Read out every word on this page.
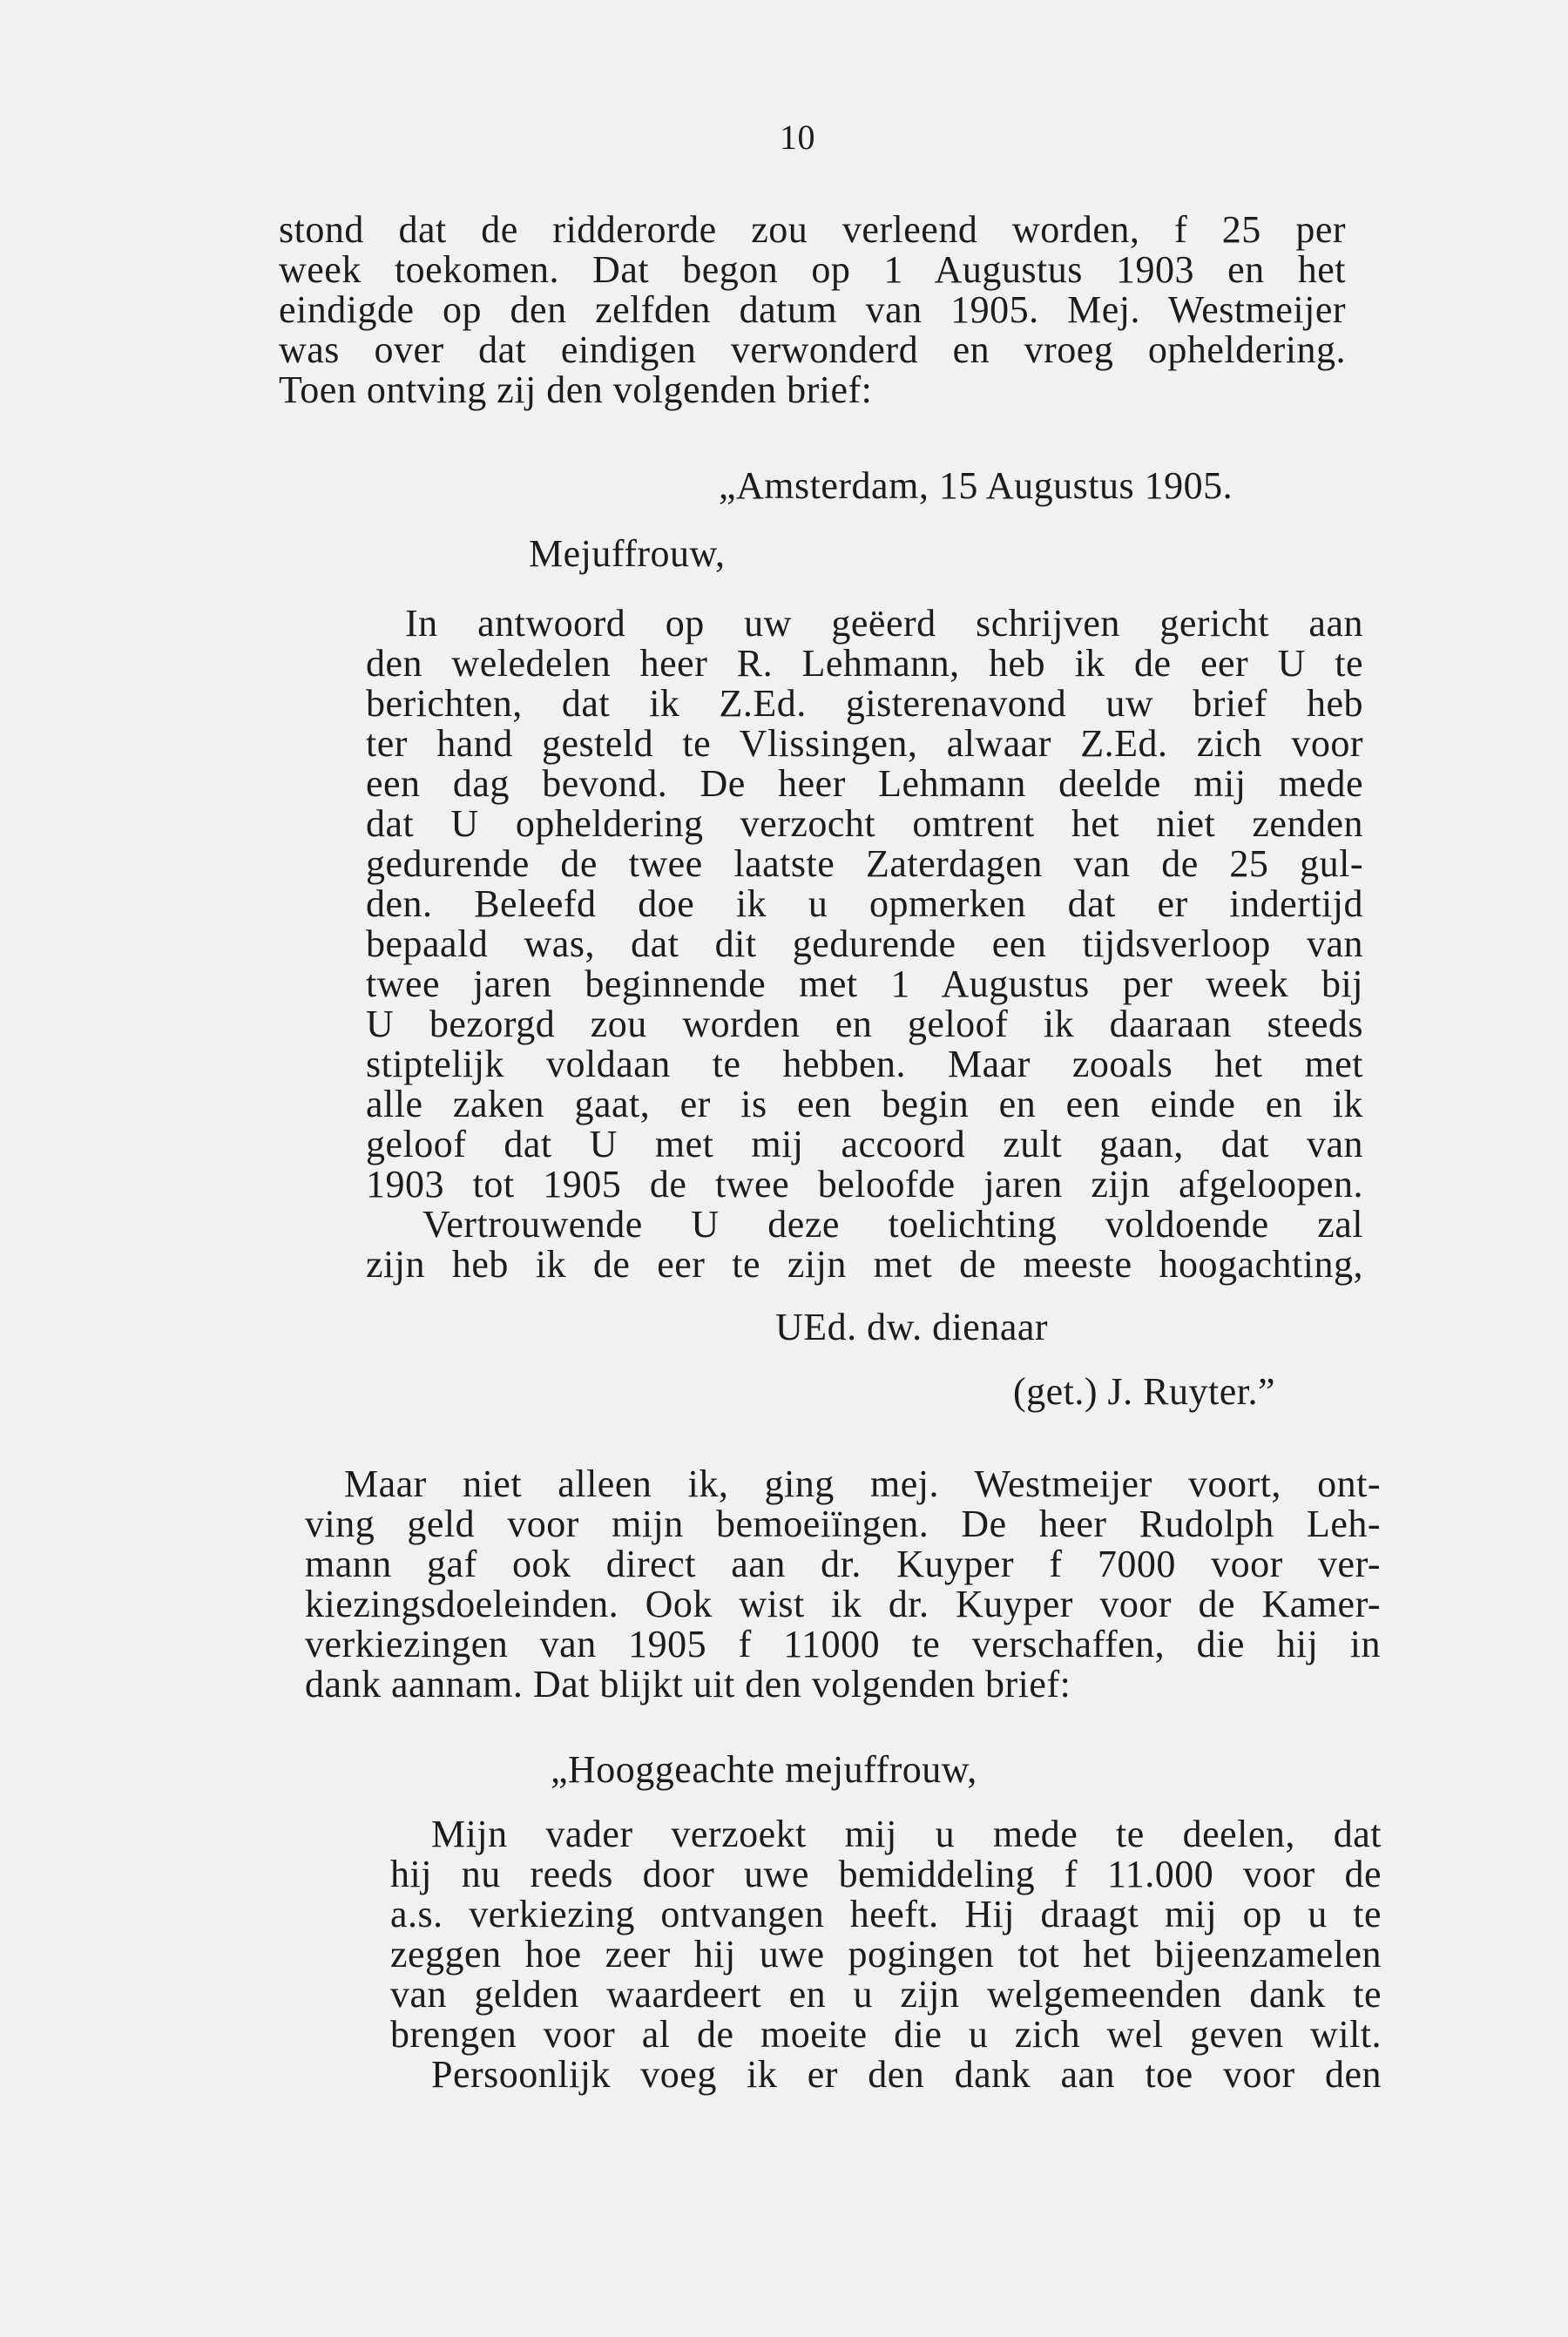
10
stond dat de ridderorde zou verleend worden, f 25 per
week toekomen. Dat begon op 1 Augustus 1903 en het
eindigde op den zelfden datum van 1905. Mej. Westmeijer
was over dat eindigen verwonderd en vroeg opheldering.
Toen ontving zij den volgenden brief:
„Amsterdam, 15 Augustus 1905.
Mejuffrouw,
In antwoord op uw geëerd schrijven gericht aan
den weledelen heer R. Lehmann, heb ik de eer U te
berichten, dat ik Z.Ed. gisterenavond uw brief heb
ter hand gesteld te Vlissingen, alwaar Z.Ed. zich voor
een dag bevond. De heer Lehmann deelde mij mede
dat U opheldering verzocht omtrent het niet zenden
gedurende de twee laatste Zaterdagen van de 25 gul-
den. Beleefd doe ik u opmerken dat er indertijd
bepaald was, dat dit gedurende een tijdsverloop van
twee jaren beginnende met 1 Augustus per week bij
U bezorgd zou worden en geloof ik daaraan steeds
stiptelijk voldaan te hebben. Maar zooals het met
alle zaken gaat, er is een begin en een einde en ik
geloof dat U met mij accoord zult gaan, dat van
1903 tot 1905 de twee beloofde jaren zijn afgeloopen.
Vertrouwende U deze toelichting voldoende zal
zijn heb ik de eer te zijn met de meeste hoogachting,
UEd. dw. dienaar
(get.) J. Ruyter.”
Maar niet alleen ik, ging mej. Westmeijer voort, ont-
ving geld voor mijn bemoeiïngen. De heer Rudolph Leh-
mann gaf ook direct aan dr. Kuyper f 7000 voor ver-
kiezingsdoeleinden. Ook wist ik dr. Kuyper voor de Kamer-
verkiezingen van 1905 f 11000 te verschaffen, die hij in
dank aannam. Dat blijkt uit den volgenden brief:
„Hooggeachte mejuffrouw,
Mijn vader verzoekt mij u mede te deelen, dat
hij nu reeds door uwe bemiddeling f 11.000 voor de
a.s. verkiezing ontvangen heeft. Hij draagt mij op u te
zeggen hoe zeer hij uwe pogingen tot het bijeenzamelen
van gelden waardeert en u zijn welgemeenden dank te
brengen voor al de moeite die u zich wel geven wilt.
Persoonlijk voeg ik er den dank aan toe voor den
